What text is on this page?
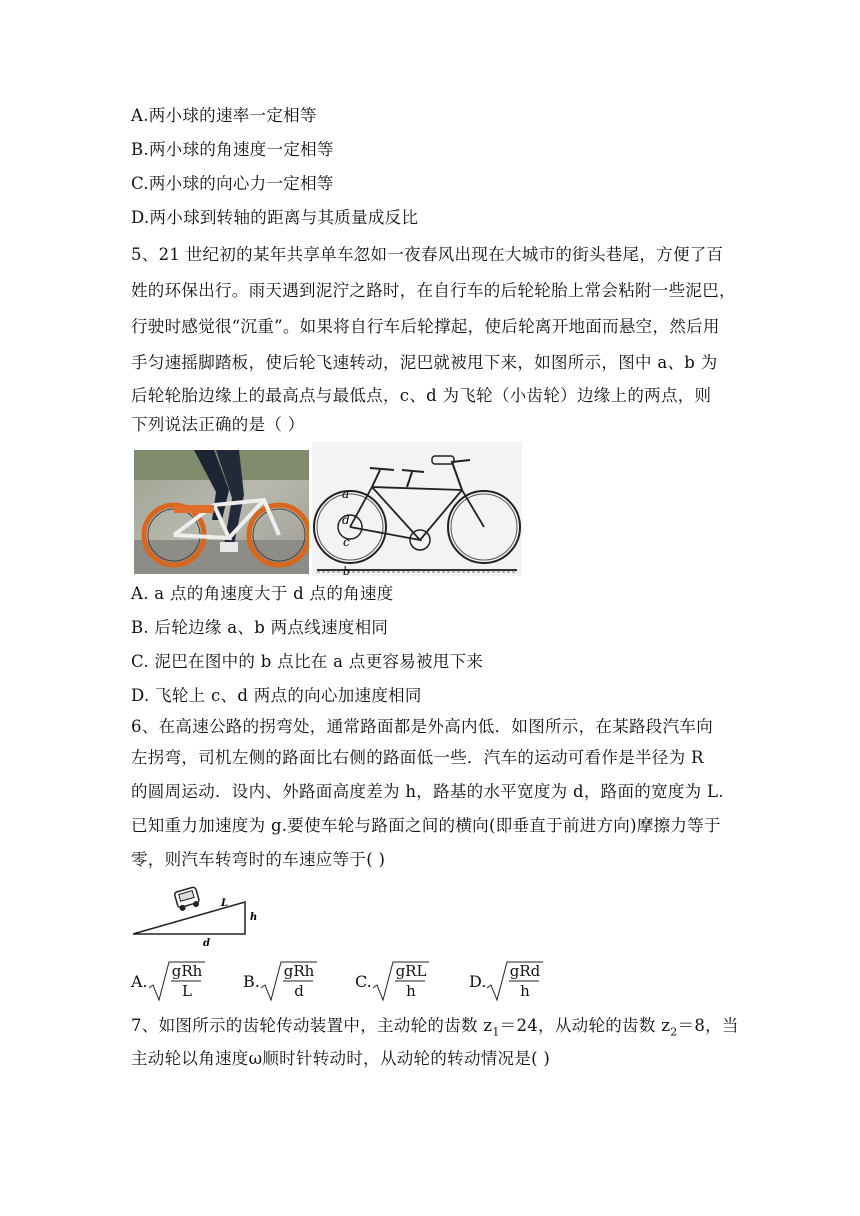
A.两小球的速率一定相等
B.两小球的角速度一定相等
C.两小球的向心力一定相等
D.两小球到转轴的距离与其质量成反比
5、21 世纪初的某年共享单车忽如一夜春风出现在大城市的街头巷尾，方便了百
姓的环保出行。雨天遇到泥泞之路时，在自行车的后轮轮胎上常会粘附一些泥巴，
行驶时感觉很“沉重”。如果将自行车后轮撑起，使后轮离开地面而悬空，然后用
手匀速摇脚踏板，使后轮飞速转动，泥巴就被甩下来，如图所示，图中 a、b 为
后轮轮胎边缘上的最高点与最低点，c、d 为飞轮（小齿轮）边缘上的两点，则
下列说法正确的是（ ）
a
d
c
b
A. a 点的角速度大于 d 点的角速度
B. 后轮边缘 a、b 两点线速度相同
C. 泥巴在图中的 b 点比在 a 点更容易被甩下来
D. 飞轮上 c、d 两点的向心加速度相同
6、在高速公路的拐弯处，通常路面都是外高内低．如图所示，在某路段汽车向
左拐弯，司机左侧的路面比右侧的路面低一些．汽车的运动可看作是半径为 R
的圆周运动．设内、外路面高度差为 h，路基的水平宽度为 d，路面的宽度为 L.
已知重力加速度为 g.要使车轮与路面之间的横向(即垂直于前进方向)摩擦力等于
零，则汽车转弯时的车速应等于( )
L
h
d
A.
gRh
L	B.
gRh
d	C.
gRL
h	D.
gRd
h
7、如图所示的齿轮传动装置中，主动轮的齿数 $z_1=24$，从动轮的齿数 $z_2=8$，当
主动轮以角速度ω顺时针转动时，从动轮的转动情况是( )
